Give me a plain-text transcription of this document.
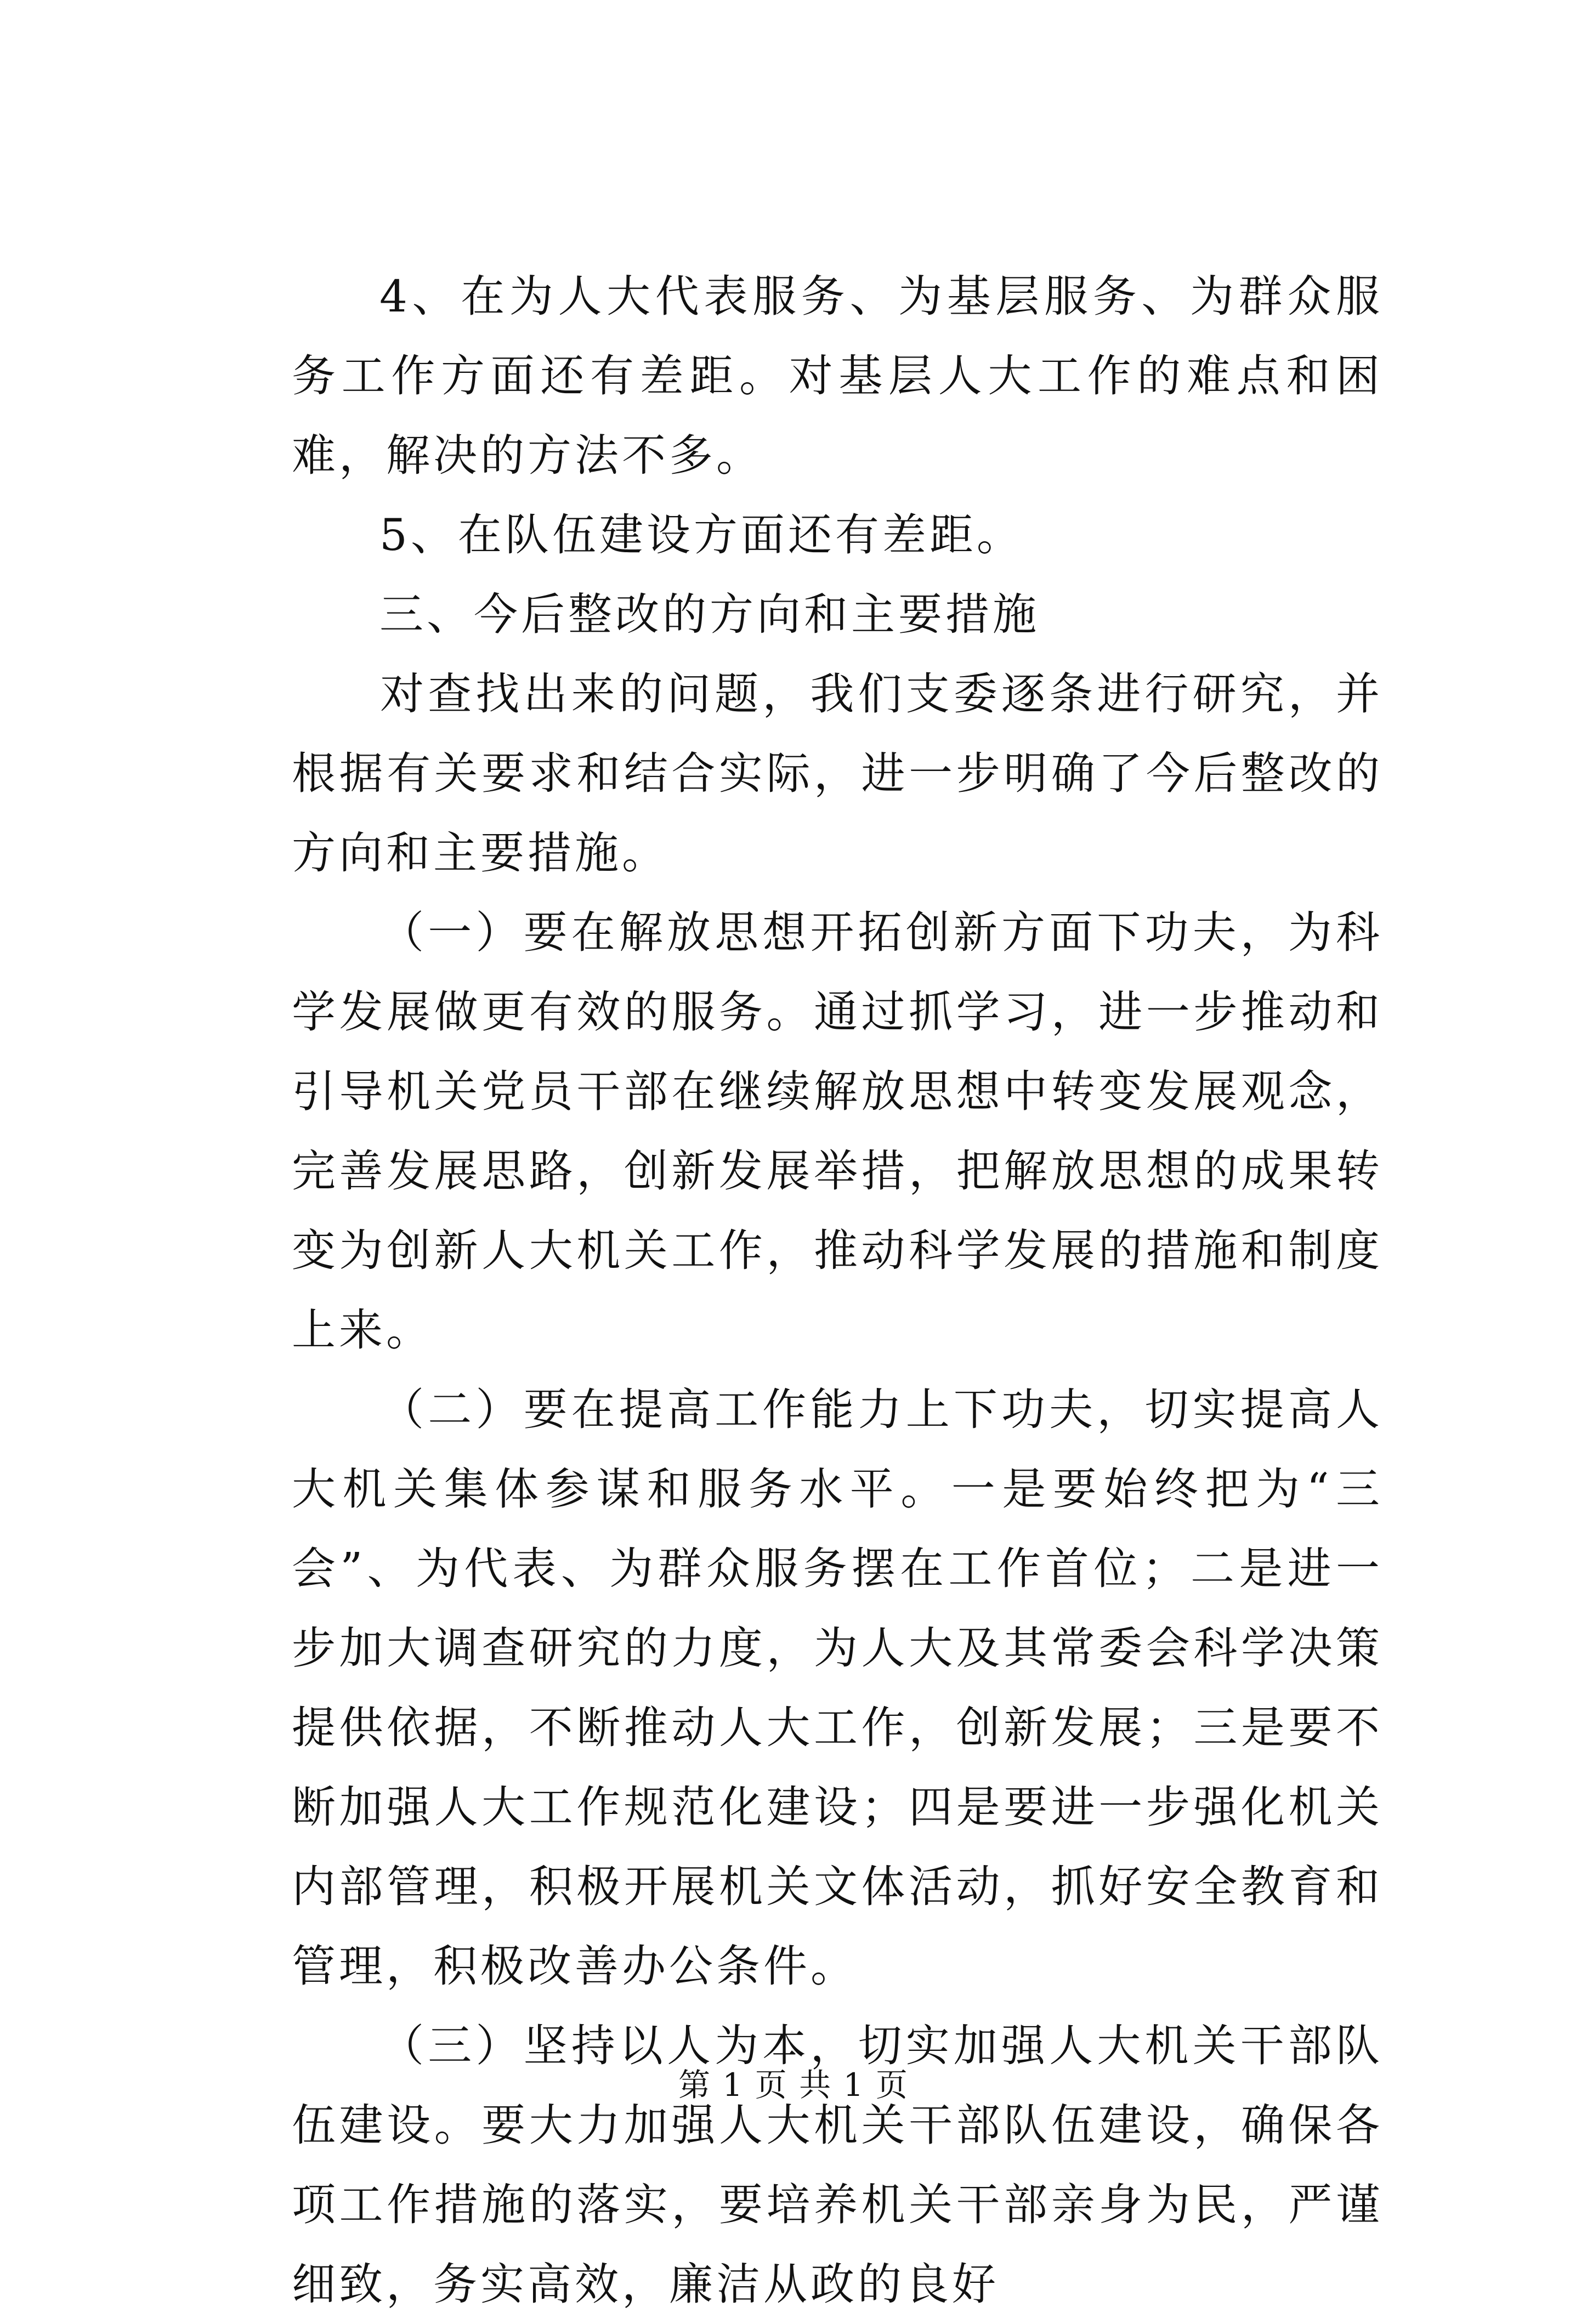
4、在为人大代表服务、为基层服务、为群众服务工作方面还有差距。对基层人大工作的难点和困难，解决的方法不多。

5、在队伍建设方面还有差距。

三、今后整改的方向和主要措施

对查找出来的问题，我们支委逐条进行研究，并根据有关要求和结合实际，进一步明确了今后整改的方向和主要措施。

（一）要在解放思想开拓创新方面下功夫，为科学发展做更有效的服务。通过抓学习，进一步推动和引导机关党员干部在继续解放思想中转变发展观念，完善发展思路，创新发展举措，把解放思想的成果转变为创新人大机关工作，推动科学发展的措施和制度上来。

（二）要在提高工作能力上下功夫，切实提高人大机关集体参谋和服务水平。一是要始终把为“三会”、为代表、为群众服务摆在工作首位；二是进一步加大调查研究的力度，为人大及其常委会科学决策提供依据，不断推动人大工作，创新发展；三是要不断加强人大工作规范化建设；四是要进一步强化机关内部管理，积极开展机关文体活动，抓好安全教育和管理，积极改善办公条件。

（三）坚持以人为本，切实加强人大机关干部队伍建设。要大力加强人大机关干部队伍建设，确保各项工作措施的落实，要培养机关干部亲身为民，严谨细致，务实高效，廉洁从政的良好

第 1 页 共 1 页
